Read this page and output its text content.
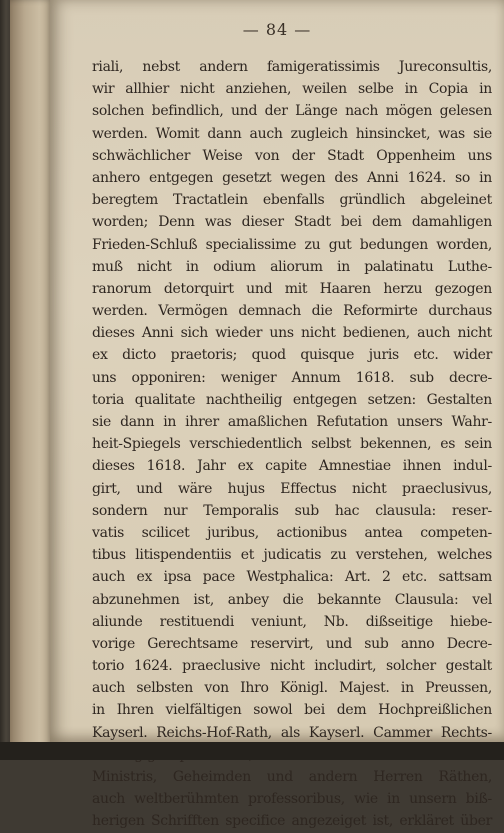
— 84 —
riali, nebst andern famigeratissimis Jureconsultis,
wir allhier nicht anziehen, weilen selbe in Copia in
solchen befindlich, und der Länge nach mögen gelesen
werden. Womit dann auch zugleich hinsincket, was sie
schwächlicher Weise von der Stadt Oppenheim uns
anhero entgegen gesetzt wegen des Anni 1624. so in
beregtem Tractatlein ebenfalls gründlich abgeleinet
worden; Denn was dieser Stadt bei dem damahligen
Frieden-Schluß specialissime zu gut bedungen worden,
muß nicht in odium aliorum in palatinatu Luthe-
ranorum detorquirt und mit Haaren herzu gezogen
werden. Vermögen demnach die Reformirte durchaus
dieses Anni sich wieder uns nicht bedienen, auch nicht
ex dicto praetoris; quod quisque juris etc. wider
uns opponiren: weniger Annum 1618. sub decre-
toria qualitate nachtheilig entgegen setzen: Gestalten
sie dann in ihrer amaßlichen Refutation unsers Wahr-
heit-Spiegels verschiedentlich selbst bekennen, es sein
dieses 1618. Jahr ex capite Amnestiae ihnen indul-
girt, und wäre hujus Effectus nicht praeclusivus,
sondern nur Temporalis sub hac clausula: reser-
vatis scilicet juribus, actionibus antea competen-
tibus litispendentiis et judicatis zu verstehen, welches
auch ex ipsa pace Westphalica: Art. 2 etc. sattsam
abzunehmen ist, anbey die bekannte Clausula: vel
aliunde restituendi veniunt, Nb. dißseitige hiebe-
vorige Gerechtsame reservirt, und sub anno Decre-
torio 1624. praeclusive nicht includirt, solcher gestalt
auch selbsten von Ihro Königl. Majest. in Preussen,
in Ihren vielfältigen sowol bei dem Hochpreißlichen
Kayserl. Reichs-Hof-Rath, als Kayserl. Cammer Rechts-
Ministris, Geheimden und andern Herren Räthen,
auch weltberühmten professoribus, wie in unsern biß-
herigen Schrifften specifice angezeiget ist, erkläret über
